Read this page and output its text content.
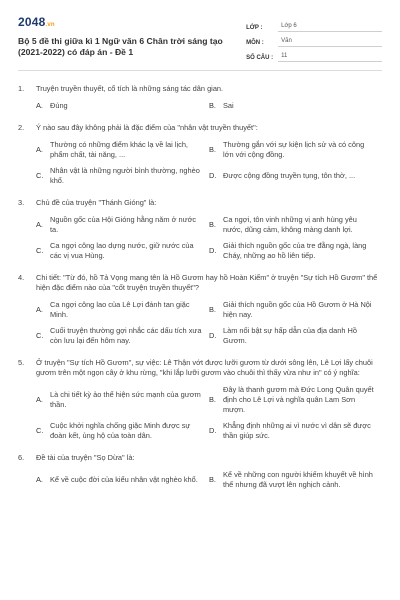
2048.vn
Bộ 5 đề thi giữa kì 1 Ngữ văn 6 Chân trời sáng tạo (2021-2022) có đáp án - Đề 1
LỚP :	Lớp 6
MÔN :	Văn
SỐ CÂU :	11
1.	Truyện truyền thuyết, cổ tích là những sáng tác dân gian.
A. Đúng	B. Sai
2.	Ý nào sau đây không phải là đặc điểm của "nhân vật truyền thuyết":
A.
Thường có những điểm khác lạ về lai lịch, phẩm chất, tài năng, ...
B.
Thường gắn với sự kiện lịch sử và có công lớn với cộng đồng.
C.
Nhân vật là những người bình thường, nghèo khổ.
D. Được cộng đồng truyền tụng, tôn thờ, ...
3.	Chủ đề của truyện "Thánh Gióng" là:
A.
Nguồn gốc của Hội Gióng hằng năm ở nước ta.
B.
Ca ngợi, tôn vinh những vị anh hùng yêu nước, dũng cảm, không màng danh lợi.
C.
Ca ngợi công lao dựng nước, giữ nước của các vị vua Hùng.
D.
Giải thích nguồn gốc của tre đằng ngà, làng Cháy, những ao hồ liên tiếp.
4.	Chi tiết: "Từ đó, hồ Tả Vọng mang tên là Hồ Gươm hay hồ Hoàn Kiếm" ở truyện "Sự tích Hồ Gươm" thể hiện đặc điểm nào của "cốt truyện truyền thuyết"?
A.
Ca ngợi công lao của Lê Lợi đánh tan giặc Minh.
B.
Giải thích nguồn gốc của Hồ Gươm ở Hà Nội hiện nay.
C.
Cuối truyện thường gợi nhắc các dấu tích xưa còn lưu lại đến hôm nay.
D.
Làm nổi bật sự hấp dẫn của địa danh Hồ Gươm.
5.	Ở truyện "Sự tích Hồ Gươm", sự việc: Lê Thận vớt được lưỡi gươm từ dưới sông lên, Lê Lợi lấy chuôi gươm trên một ngọn cây ở khu rừng, "khi lắp lưỡi gươm vào chuôi thì thấy vừa như in" có ý nghĩa:
A.
Là chi tiết kỳ ảo thể hiện sức mạnh của gươm thần.
B.
Đây là thanh gươm mà Đức Long Quân quyết định cho Lê Lợi và nghĩa quân Lam Sơn mượn.
C.
Cuộc khởi nghĩa chống giặc Minh được sự đoàn kết, ủng hộ của toàn dân.
D.
Khẳng định những ai vì nước vì dân sẽ được thần giúp sức.
6.	Đề tài của truyện "Sọ Dừa" là:
A. Kể về cuộc đời của kiểu nhân vật nghèo khổ.	B.
Kể về những con người khiếm khuyết về hình thể nhưng đã vượt lên nghịch cảnh.
